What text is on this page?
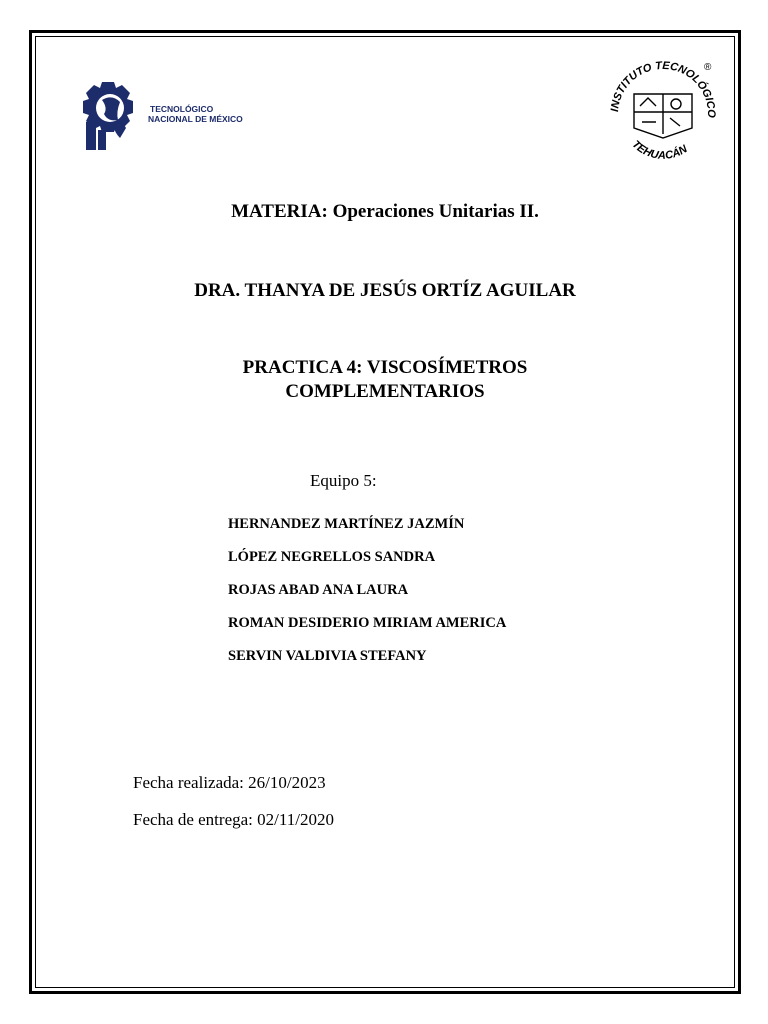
TECNOLÓGICO
NACIONAL DE MÉXICO
INSTITUTO TECNOLÓGICO
TEHUACÁN
®
MATERIA: Operaciones Unitarias II.
DRA. THANYA DE JESÚS ORTÍZ AGUILAR
PRACTICA 4: VISCOSÍMETROS
COMPLEMENTARIOS
Equipo 5:
HERNANDEZ MARTÍNEZ JAZMÍN
LÓPEZ NEGRELLOS SANDRA
ROJAS ABAD ANA LAURA
ROMAN DESIDERIO MIRIAM AMERICA
SERVIN VALDIVIA STEFANY
Fecha realizada: 26/10/2023
Fecha de entrega: 02/11/2020
